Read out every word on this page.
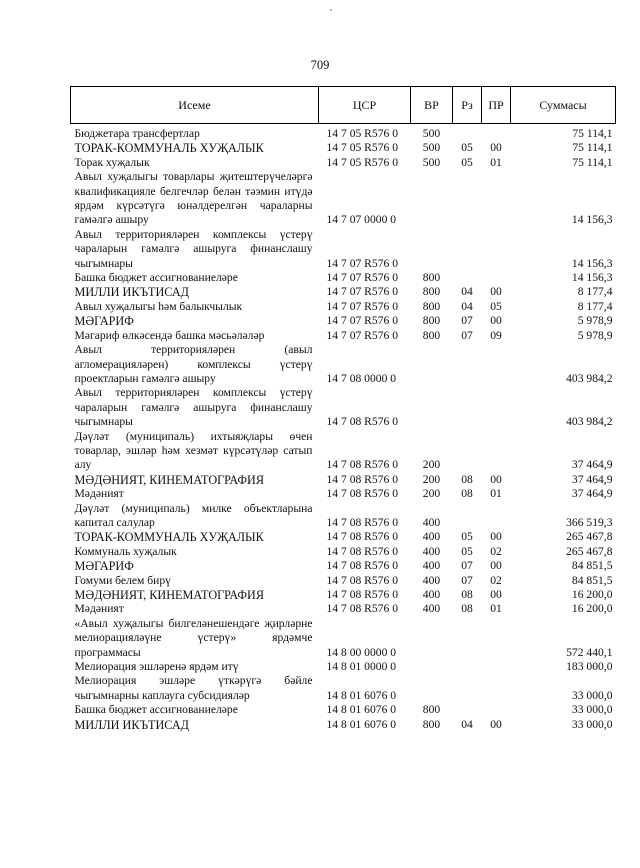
709
Исеме	ЦСР	ВР	Рз	ПР	Суммасы
Бюджетара трансфертлар	14 7 05 R576 0	500			75 114,1
ТОРАК-КОММУНАЛЬ ХУҖАЛЫК	14 7 05 R576 0	500	05	00	75 114,1
Торак хуҗалык	14 7 05 R576 0	500	05	01	75 114,1
Авыл хуҗалыгы товарлары җитештерүчеләргә квалификацияле белгечләр белән тәэмин итүдә ярдәм күрсәтүгә юнәлдерелгән чараларны гамәлгә ашыру	14 7 07 0000 0				14 156,3
Авыл территорияләрен комплексы үстерү чараларын гамәлгә ашыруга финанслашу чыгымнары	14 7 07 R576 0				14 156,3
Башка бюджет ассигнованиеләре	14 7 07 R576 0	800			14 156,3
МИЛЛИ ИКЪТИСАД	14 7 07 R576 0	800	04	00	8 177,4
Авыл хуҗалыгы һәм балыкчылык	14 7 07 R576 0	800	04	05	8 177,4
МӘГАРИФ	14 7 07 R576 0	800	07	00	5 978,9
Мәгариф өлкәсендә башка мәсьәләләр	14 7 07 R576 0	800	07	09	5 978,9
Авыл территорияләрен (авыл агломерацияләрен) комплексы үстерү проектларын гамәлгә ашыру	14 7 08 0000 0				403 984,2
Авыл территорияләрен комплексы үстерү чараларын гамәлгә ашыруга финанслашу чыгымнары	14 7 08 R576 0				403 984,2
Дәүләт (муниципаль) ихтыяҗлары өчен товарлар, эшләр һәм хезмәт күрсәтүләр сатып алу	14 7 08 R576 0	200			37 464,9
МӘДӘНИЯТ, КИНЕМАТОГРАФИЯ	14 7 08 R576 0	200	08	00	37 464,9
Мәдәният	14 7 08 R576 0	200	08	01	37 464,9
Дәүләт (муниципаль) милке объектларына капитал салулар	14 7 08 R576 0	400			366 519,3
ТОРАК-КОММУНАЛЬ ХУҖАЛЫК	14 7 08 R576 0	400	05	00	265 467,8
Коммуналь хуҗалык	14 7 08 R576 0	400	05	02	265 467,8
МӘГАРИФ	14 7 08 R576 0	400	07	00	84 851,5
Гомуми белем бирү	14 7 08 R576 0	400	07	02	84 851,5
МӘДӘНИЯТ, КИНЕМАТОГРАФИЯ	14 7 08 R576 0	400	08	00	16 200,0
Мәдәният	14 7 08 R576 0	400	08	01	16 200,0
«Авыл хуҗалыгы билгеләнешендәге җирләрне мелиорацияләүне үстерү» ярдәмче программасы	14 8 00 0000 0				572 440,1
Мелиорация эшләренә ярдәм итү	14 8 01 0000 0				183 000,0
Мелиорация эшләре үткәрүгә бәйле чыгымнарны каплауга субсидияләр	14 8 01 6076 0				33 000,0
Башка бюджет ассигнованиеләре	14 8 01 6076 0	800			33 000,0
МИЛЛИ ИКЪТИСАД	14 8 01 6076 0	800	04	00	33 000,0
